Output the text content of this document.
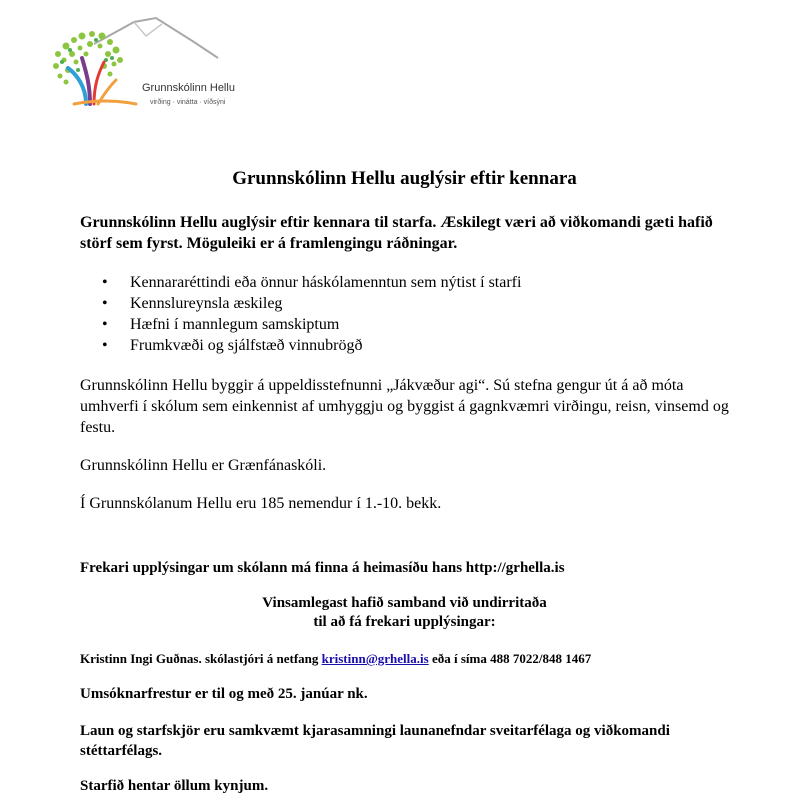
Grunnskólinn Hellu
virðing · vinátta · víðsýni
Grunnskólinn Hellu auglýsir eftir kennara

Grunnskólinn Hellu auglýsir eftir kennara til starfa. Æskilegt væri að viðkomandi gæti hafið störf sem fyrst. Möguleiki er á framlengingu ráðningar.

• Kennararéttindi eða önnur háskólamenntun sem nýtist í starfi
• Kennslureynsla æskileg
• Hæfni í mannlegum samskiptum
• Frumkvæði og sjálfstæð vinnubrögð

Grunnskólinn Hellu byggir á uppeldisstefnunni „Jákvæður agi“. Sú stefna gengur út á að móta umhverfi í skólum sem einkennist af umhyggju og byggist á gagnkvæmri virðingu, reisn, vinsemd og festu.

Grunnskólinn Hellu er Grænfánaskóli.

Í Grunnskólanum Hellu eru 185 nemendur í 1.-10. bekk.

Frekari upplýsingar um skólann má finna á heimasíðu hans http://grhella.is

Vinsamlegast hafið samband við undirritaða
til að fá frekari upplýsingar:
Kristinn Ingi Guðnas. skólastjóri á netfang kristinn@grhella.is eða í síma 488 7022/848 1467

Umsóknarfrestur er til og með 25. janúar nk.

Laun og starfskjör eru samkvæmt kjarasamningi launanefndar sveitarfélaga og viðkomandi stéttarfélags.

Starfið hentar öllum kynjum.
